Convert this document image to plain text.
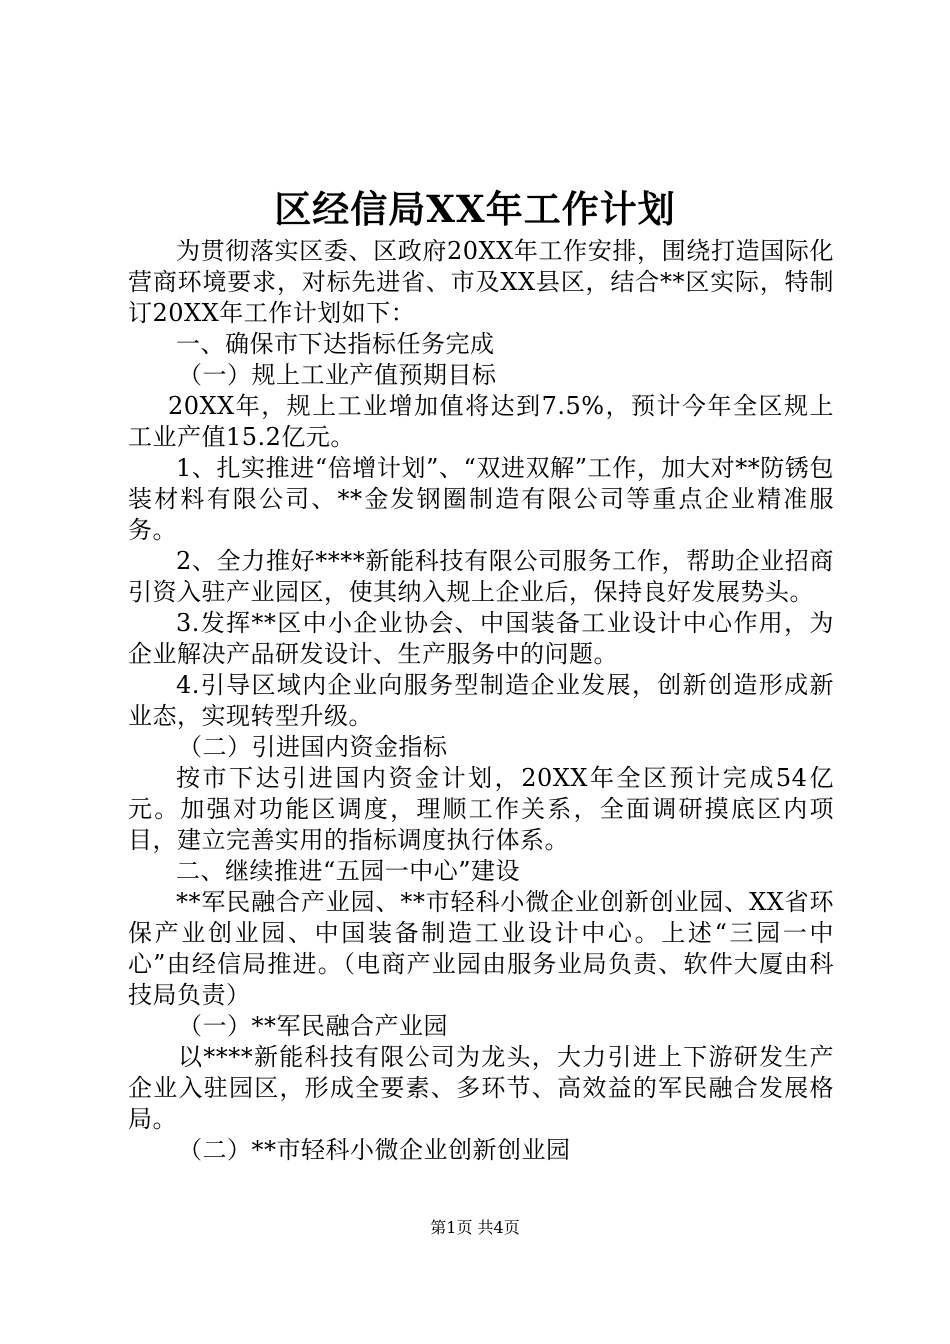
区经信局XX年工作计划

为贯彻落实区委、区政府20XX年工作安排，围绕打造国际化营商环境要求，对标先进省、市及XX县区，结合**区实际，特制订20XX年工作计划如下：

一、确保市下达指标任务完成

（一）规上工业产值预期目标

20XX年，规上工业增加值将达到7.5%，预计今年全区规上工业产值15.2亿元。

1、扎实推进“倍增计划”、“双进双解”工作，加大对**防锈包装材料有限公司、**金发钢圈制造有限公司等重点企业精准服务。

2、全力推好****新能科技有限公司服务工作，帮助企业招商引资入驻产业园区，使其纳入规上企业后，保持良好发展势头。

3.发挥**区中小企业协会、中国装备工业设计中心作用，为企业解决产品研发设计、生产服务中的问题。

4.引导区域内企业向服务型制造企业发展，创新创造形成新业态，实现转型升级。

（二）引进国内资金指标

按市下达引进国内资金计划，20XX年全区预计完成54亿元。加强对功能区调度，理顺工作关系，全面调研摸底区内项目，建立完善实用的指标调度执行体系。

二、继续推进“五园一中心”建设

**军民融合产业园、**市轻科小微企业创新创业园、XX省环保产业创业园、中国装备制造工业设计中心。上述“三园一中心”由经信局推进。（电商产业园由服务业局负责、软件大厦由科技局负责）

（一）**军民融合产业园

以****新能科技有限公司为龙头，大力引进上下游研发生产企业入驻园区，形成全要素、多环节、高效益的军民融合发展格局。

（二）**市轻科小微企业创新创业园

第1页 共4页
